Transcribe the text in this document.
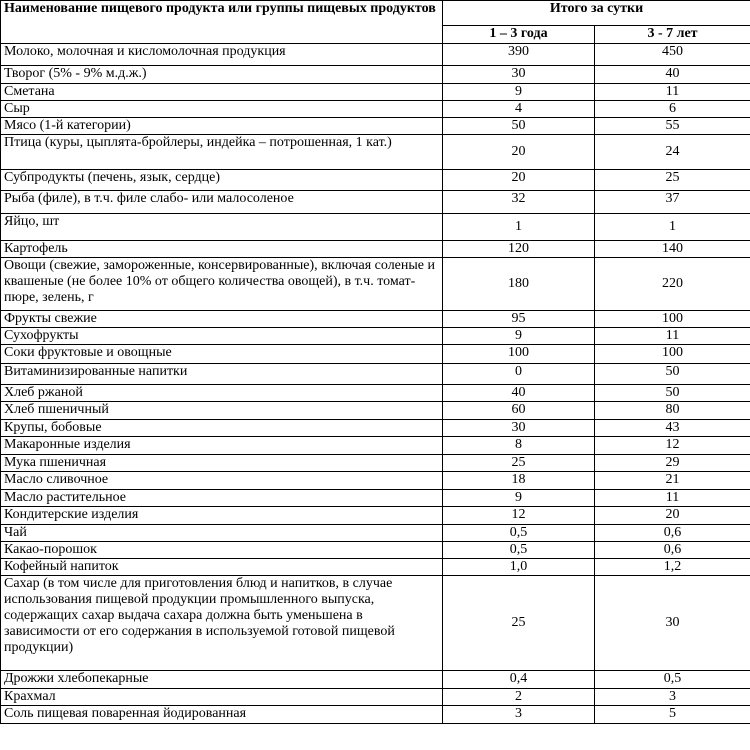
Наименование пищевого продукта или группы пищевых продуктов	Итого за сутки	
	1 – 3 года	3 - 7 лет
Молоко, молочная и кисломолочная продукция	390	450
Творог (5% - 9% м.д.ж.)	30	40
Сметана	9	11
Сыр	4	6
Мясо (1-й категории)	50	55
Птица (куры, цыплята-бройлеры, индейка – потрошенная, 1 кат.)	20	24
Субпродукты (печень, язык, сердце)	20	25
Рыба (филе), в т.ч. филе слабо- или малосоленое	32	37
Яйцо, шт	1	1
Картофель	120	140
Овощи (свежие, замороженные, консервированные), включая соленые и квашеные (не более 10% от общего количества овощей), в т.ч. томат-пюре, зелень, г	180	220
Фрукты свежие	95	100
Сухофрукты	9	11
Соки фруктовые и овощные	100	100
Витаминизированные напитки	0	50
Хлеб ржаной	40	50
Хлеб пшеничный	60	80
Крупы, бобовые	30	43
Макаронные изделия	8	12
Мука пшеничная	25	29
Масло сливочное	18	21
Масло растительное	9	11
Кондитерские изделия	12	20
Чай	0,5	0,6
Какао-порошок	0,5	0,6
Кофейный напиток	1,0	1,2
Сахар (в том числе для приготовления блюд и напитков, в случае использования пищевой продукции промышленного выпуска, содержащих сахар выдача сахара должна быть уменьшена в зависимости от его содержания в используемой готовой пищевой продукции)	25	30
Дрожжи хлебопекарные	0,4	0,5
Крахмал	2	3
Соль пищевая поваренная йодированная	3	5
